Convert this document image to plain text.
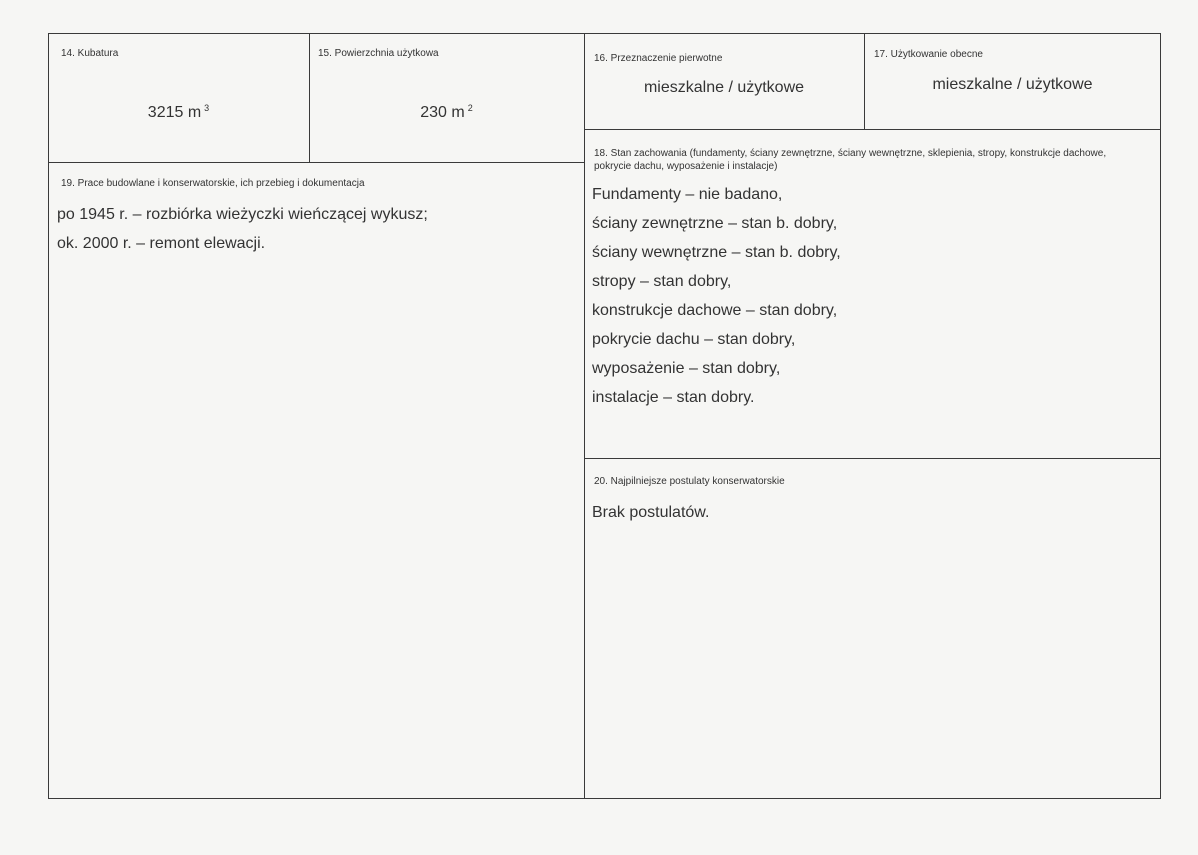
14. Kubatura
3215 m $^3$
15. Powierzchnia użytkowa
230 m $^2$
16. Przeznaczenie pierwotne
mieszkalne / użytkowe
17. Użytkowanie obecne
mieszkalne / użytkowe
18. Stan zachowania (fundamenty, ściany zewnętrzne, ściany wewnętrzne, sklepienia, stropy, konstrukcje dachowe, pokrycie dachu, wyposażenie i instalacje)
Fundamenty – nie badano,
ściany zewnętrzne – stan b. dobry,
ściany wewnętrzne – stan b. dobry,
stropy – stan dobry,
konstrukcje dachowe – stan dobry,
pokrycie dachu – stan dobry,
wyposażenie – stan dobry,
instalacje – stan dobry.
19. Prace budowlane i konserwatorskie, ich przebieg i dokumentacja
po 1945 r. – rozbiórka wieżyczki wieńczącej wykusz;
ok. 2000 r. – remont elewacji.
20. Najpilniejsze postulaty konserwatorskie
Brak postulatów.
